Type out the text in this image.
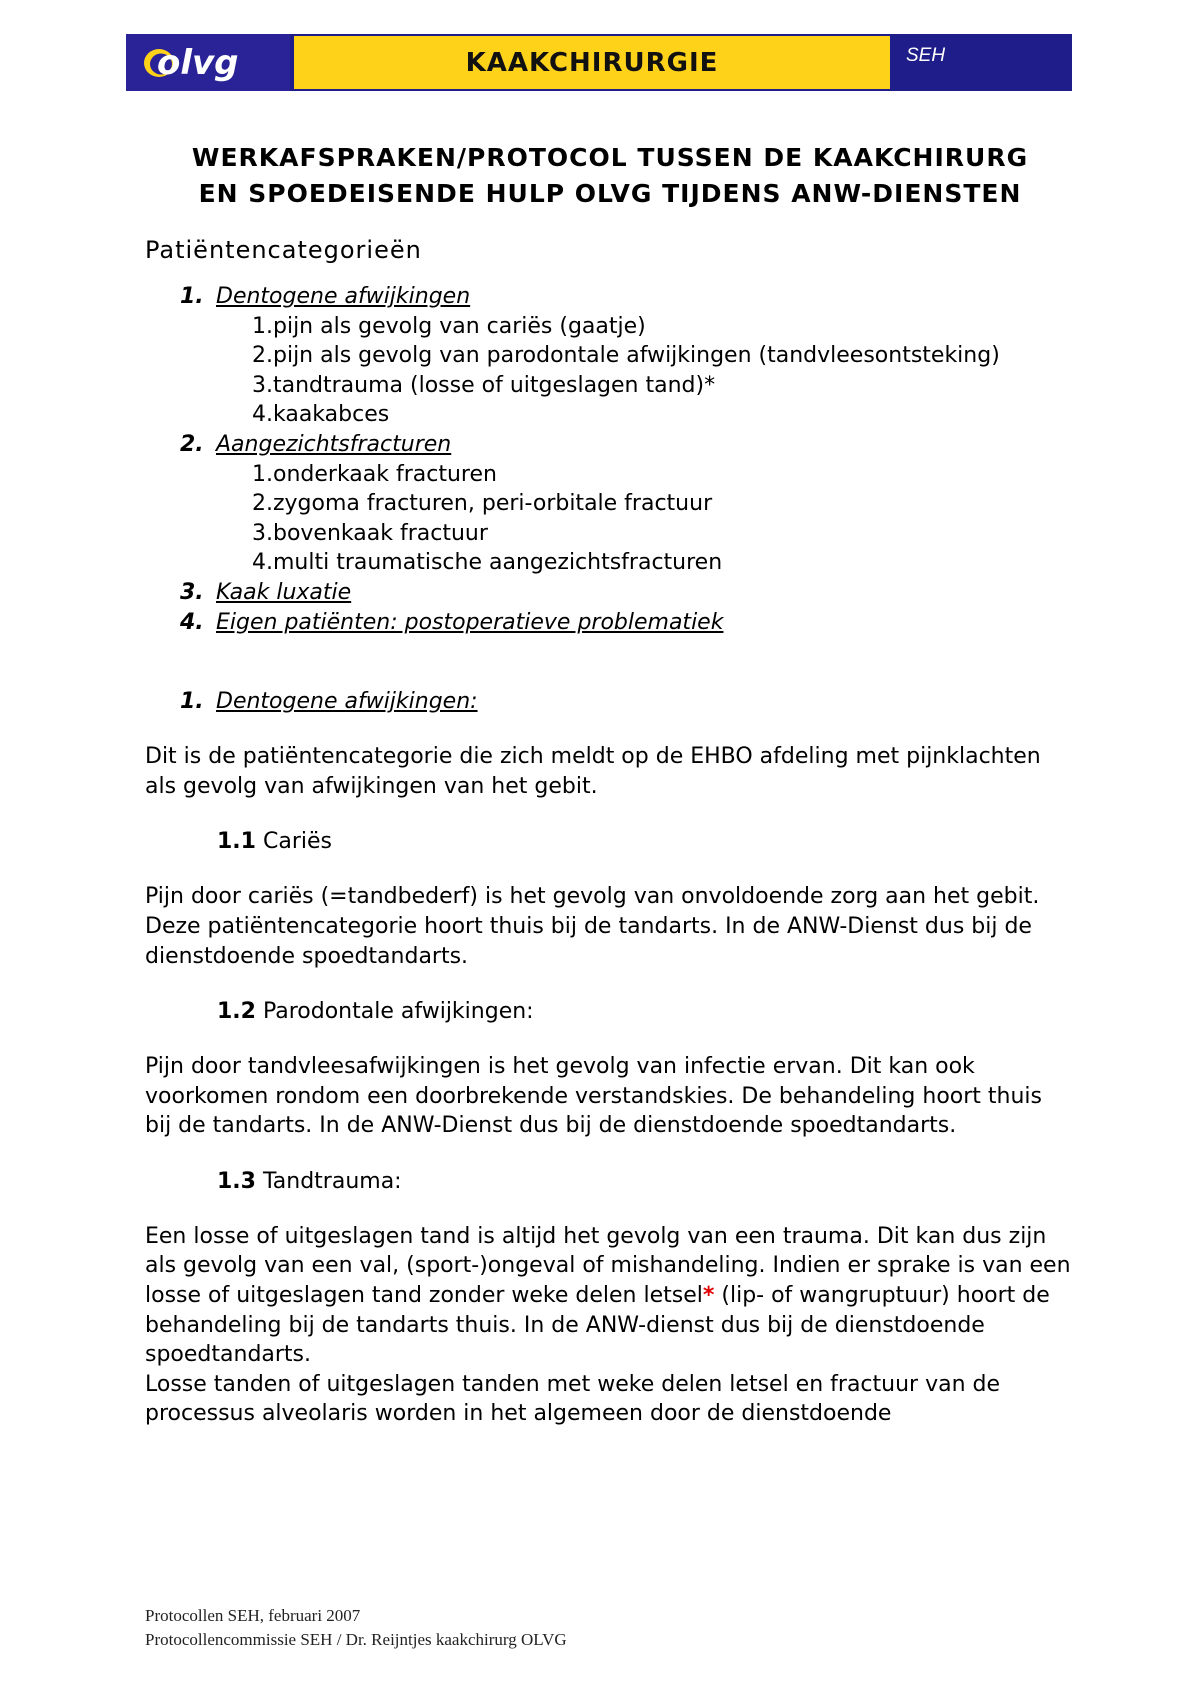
olvg	KAAKCHIRURGIE	SEH
WERKAFSPRAKEN/PROTOCOL TUSSEN DE KAAKCHIRURG
EN SPOEDEISENDE HULP OLVG TIJDENS ANW-DIENSTEN
Patiëntencategorieën
1. Dentogene afwijkingen
1.pijn als gevolg van cariës (gaatje)
2.pijn als gevolg van parodontale afwijkingen (tandvleesontsteking)
3.tandtrauma (losse of uitgeslagen tand)*
4.kaakabces
2. Aangezichtsfracturen
1.onderkaak fracturen
2.zygoma fracturen, peri-orbitale fractuur
3.bovenkaak fractuur
4.multi traumatische aangezichtsfracturen
3. Kaak luxatie
4. Eigen patiënten: postoperatieve problematiek
1. Dentogene afwijkingen:

Dit is de patiëntencategorie die zich meldt op de EHBO afdeling met pijnklachten als gevolg van afwijkingen van het gebit.

1.1 Cariës

Pijn door cariës (=tandbederf) is het gevolg van onvoldoende zorg aan het gebit. Deze patiëntencategorie hoort thuis bij de tandarts. In de ANW-Dienst dus bij de dienstdoende spoedtandarts.

1.2 Parodontale afwijkingen:

Pijn door tandvleesafwijkingen is het gevolg van infectie ervan. Dit kan ook voorkomen rondom een doorbrekende verstandskies. De behandeling hoort thuis bij de tandarts. In de ANW-Dienst dus bij de dienstdoende spoedtandarts.

1.3 Tandtrauma:

Een losse of uitgeslagen tand is altijd het gevolg van een trauma. Dit kan dus zijn als gevolg van een val, (sport-)ongeval of mishandeling. Indien er sprake is van een losse of uitgeslagen tand zonder weke delen letsel* (lip- of wangruptuur) hoort de behandeling bij de tandarts thuis. In de ANW-dienst dus bij de dienstdoende spoedtandarts.
Losse tanden of uitgeslagen tanden met weke delen letsel en fractuur van de processus alveolaris worden in het algemeen door de dienstdoende

Protocollen SEH, februari 2007
Protocollencommissie SEH / Dr. Reijntjes kaakchirurg OLVG
